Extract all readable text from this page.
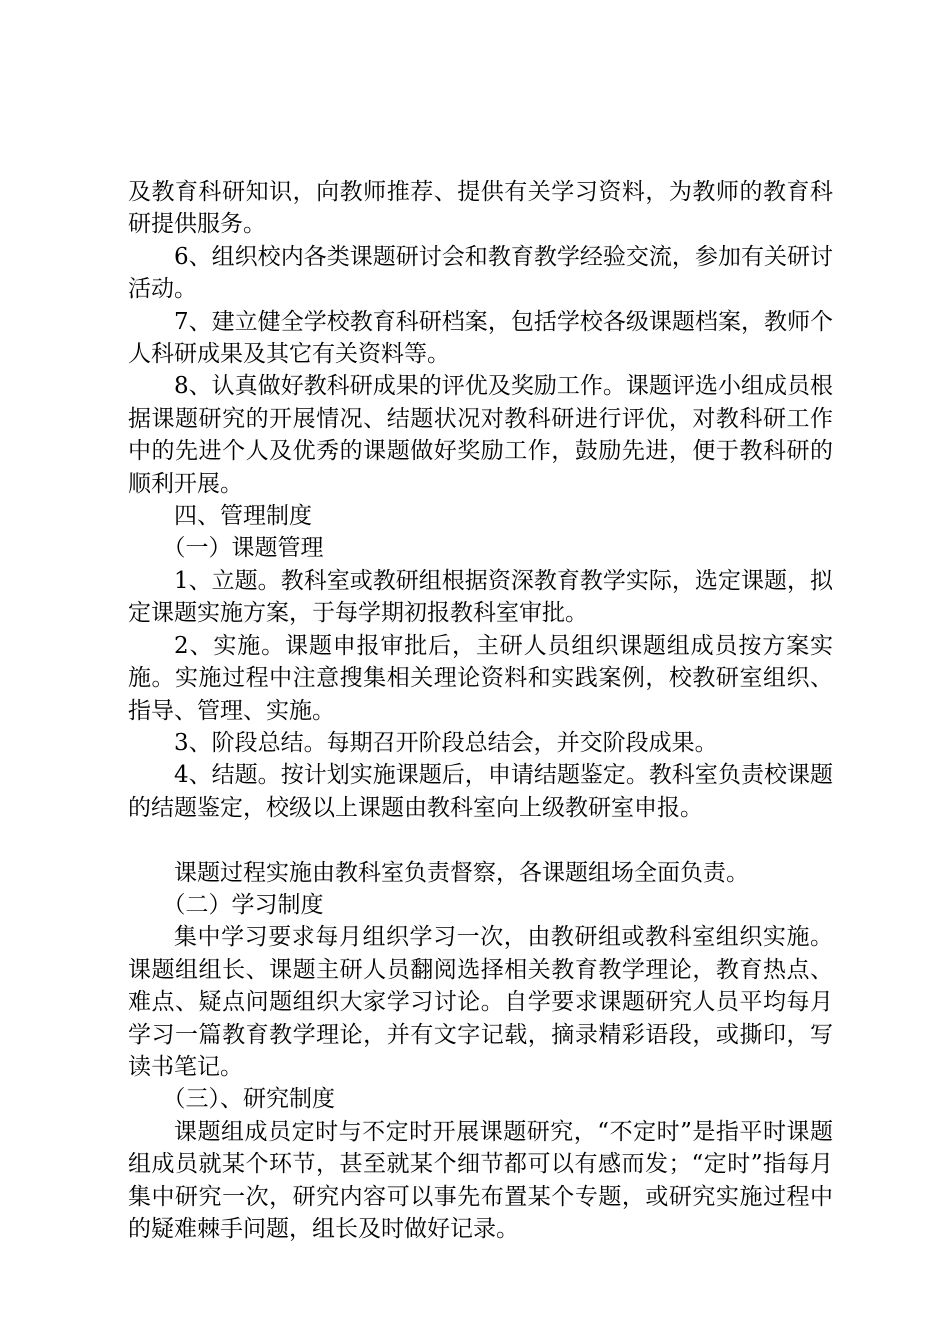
及教育科研知识，向教师推荐、提供有关学习资料，为教师的教育科研提供服务。

6、组织校内各类课题研讨会和教育教学经验交流，参加有关研讨活动。

7、建立健全学校教育科研档案，包括学校各级课题档案，教师个人科研成果及其它有关资料等。

8、认真做好教科研成果的评优及奖励工作。课题评选小组成员根据课题研究的开展情况、结题状况对教科研进行评优，对教科研工作中的先进个人及优秀的课题做好奖励工作，鼓励先进，便于教科研的顺利开展。

四、管理制度

（一）课题管理

1、立题。教科室或教研组根据资深教育教学实际，选定课题，拟定课题实施方案，于每学期初报教科室审批。

2、实施。课题申报审批后，主研人员组织课题组成员按方案实施。实施过程中注意搜集相关理论资料和实践案例，校教研室组织、指导、管理、实施。

3、阶段总结。每期召开阶段总结会，并交阶段成果。

4、结题。按计划实施课题后，申请结题鉴定。教科室负责校课题的结题鉴定，校级以上课题由教科室向上级教研室申报。

课题过程实施由教科室负责督察，各课题组场全面负责。

（二）学习制度

集中学习要求每月组织学习一次，由教研组或教科室组织实施。课题组组长、课题主研人员翻阅选择相关教育教学理论，教育热点、难点、疑点问题组织大家学习讨论。自学要求课题研究人员平均每月学习一篇教育教学理论，并有文字记载，摘录精彩语段，或撕印，写读书笔记。

（三）、研究制度

课题组成员定时与不定时开展课题研究，“不定时”是指平时课题组成员就某个环节，甚至就某个细节都可以有感而发；“定时”指每月集中研究一次，研究内容可以事先布置某个专题，或研究实施过程中的疑难棘手问题，组长及时做好记录。
